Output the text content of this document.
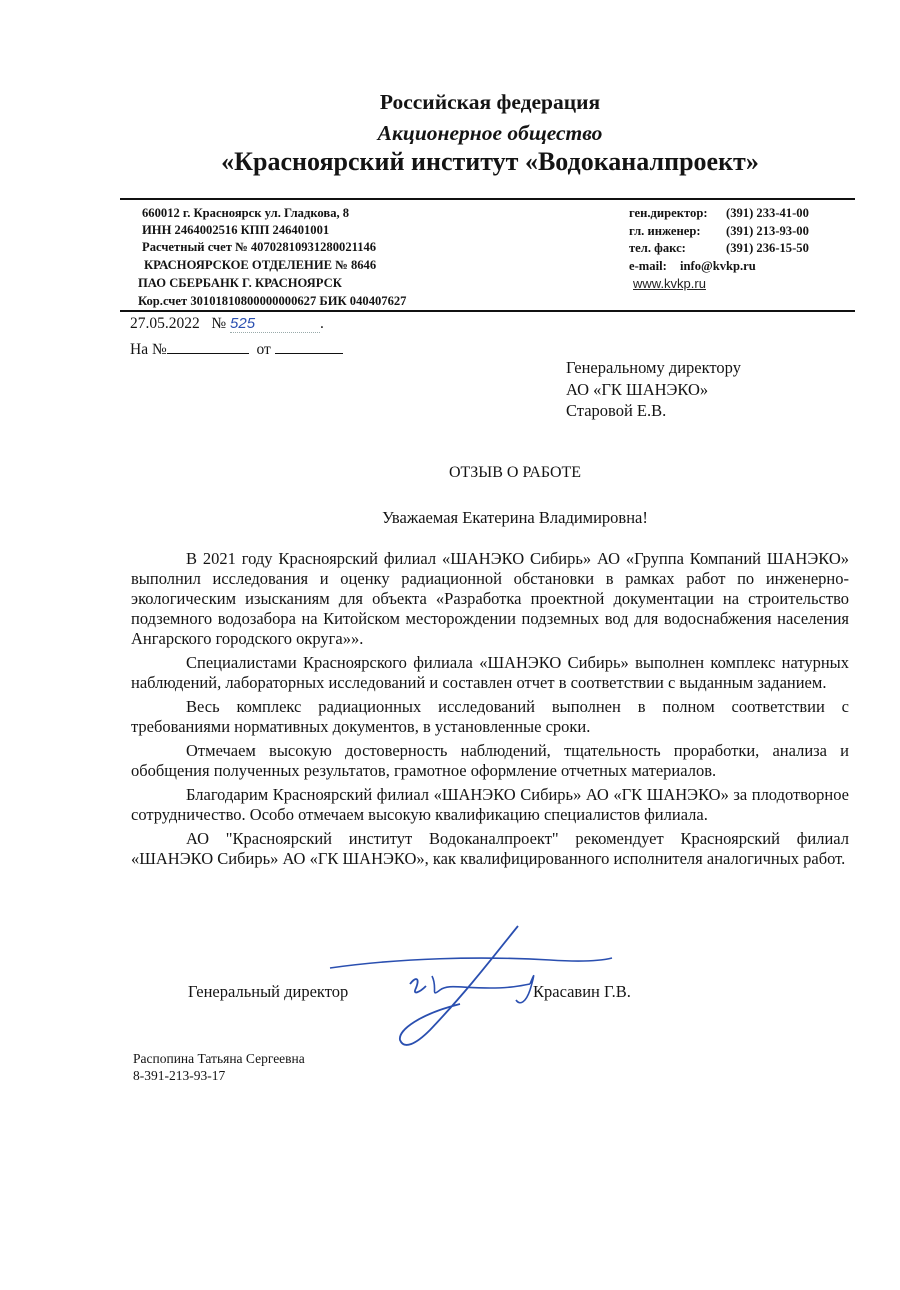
Российская федерация
Акционерное общество
«Красноярский институт «Водоканалпроект»
660012 г. Красноярск ул. Гладкова, 8
ИНН 2464002516 КПП 246401001
Расчетный счет № 40702810931280021146
КРАСНОЯРСКОЕ ОТДЕЛЕНИЕ № 8646
ПАО СБЕРБАНК Г. КРАСНОЯРСК
Кор.счет 30101810800000000627 БИК 040407627
ген.директор: (391) 233-41-00
гл. инженер: (391) 213-93-00
тел. факс:	(391) 236-15-50
e-mail: info@kvkp.ru
www.kvkp.ru
27.05.2022 № 525	.
На №	от
Генеральному директору
АО «ГК ШАНЭКО»
Старовой Е.В.
ОТЗЫВ О РАБОТЕ
Уважаемая Екатерина Владимировна!

В 2021 году Красноярский филиал «ШАНЭКО Сибирь» АО «Группа Компаний ШАНЭКО» выполнил исследования и оценку радиационной обстановки в рамках работ по инженерно-экологическим изысканиям для объекта «Разработка проектной документации на строительство подземного водозабора на Китойском месторождении подземных вод для водоснабжения населения Ангарского городского округа»».

Специалистами Красноярского филиала «ШАНЭКО Сибирь» выполнен комплекс натурных наблюдений, лабораторных исследований и составлен отчет в соответствии с выданным заданием.

Весь комплекс радиационных исследований выполнен в полном соответствии с требованиями нормативных документов, в установленные сроки.

Отмечаем высокую достоверность наблюдений, тщательность проработки, анализа и обобщения полученных результатов, грамотное оформление отчетных материалов.

Благодарим Красноярский филиал «ШАНЭКО Сибирь» АО «ГК ШАНЭКО» за плодотворное сотрудничество. Особо отмечаем высокую квалификацию специалистов филиала.

АО "Красноярский институт Водоканалпроект" рекомендует Красноярский филиал «ШАНЭКО Сибирь» АО «ГК ШАНЭКО», как квалифицированного исполнителя аналогичных работ.

Генеральный директор	Красавин Г.В.
Распопина Татьяна Сергеевна
8-391-213-93-17
